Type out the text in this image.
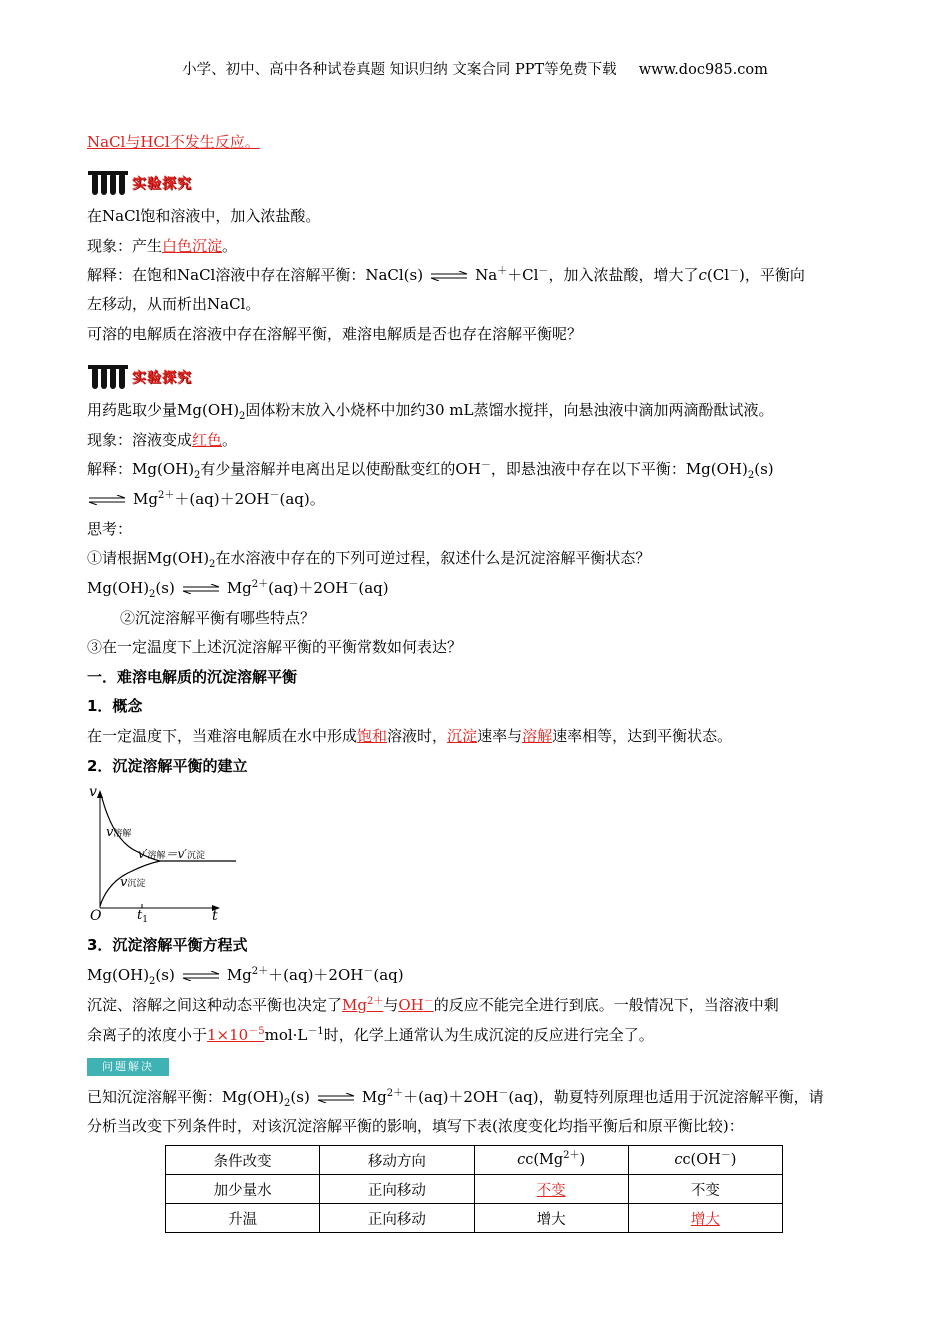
小学、初中、高中各种试卷真题 知识归纳 文案合同 PPT等免费下载 www.doc985.com
NaCl与HCl不发生反应。
实验探究
在NaCl饱和溶液中，加入浓盐酸。
现象：产生白色沉淀。
解释：在饱和NaCl溶液中存在溶解平衡：NaCl(s) ⇌ Na＋＋Cl－，加入浓盐酸，增大了c(Cl－)，平衡向
左移动，从而析出NaCl。
可溶的电解质在溶液中存在溶解平衡，难溶电解质是否也存在溶解平衡呢？
实验探究
用药匙取少量$Mg(OH)_2$固体粉末放入小烧杯中加约30 mL蒸馏水搅拌，向悬浊液中滴加两滴酚酞试液。
现象：溶液变成红色。
解释：$Mg(OH)_2$有少量溶解并电离出足以使酚酞变红的OH－，即悬浊液中存在以下平衡：$Mg(OH)_2(s)$
⇌ $Mg^{2+}+(aq)+2OH^-(aq)$。
思考：
①请根据$Mg(OH)_2$在水溶液中存在的下列可逆过程，叙述什么是沉淀溶解平衡状态？
$Mg(OH)_2(s)$ ⇌ $Mg^{2+}(aq)+2OH^-(aq)$
②沉淀溶解平衡有哪些特点？
③在一定温度下上述沉淀溶解平衡的平衡常数如何表达？
一．难溶电解质的沉淀溶解平衡
1．概念
在一定温度下，当难溶电解质在水中形成饱和溶液时，沉淀速率与溶解速率相等，达到平衡状态。
2．沉淀溶解平衡的建立
v
O	t
$t_1$
v溶解
v沉淀
v′溶解＝v′沉淀
3．沉淀溶解平衡方程式
$Mg(OH)_2(s)$ ⇌ $Mg^{2+}+(aq)+2OH^-(aq)$
沉淀、溶解之间这种动态平衡也决定了$Mg^{2+}$与OH－的反应不能完全进行到底。一般情况下，当溶液中剩
余离子的浓度小于$1\times 10^{-5}mol\cdot L^{-1}$时，化学上通常认为生成沉淀的反应进行完全了。
问题解决
已知沉淀溶解平衡：$Mg(OH)_2(s)$ ⇌ $Mg^{2+}+(aq)+2OH^-(aq)$，勒夏特列原理也适用于沉淀溶解平衡，请
分析当改变下列条件时，对该沉淀溶解平衡的影响，填写下表(浓度变化均指平衡后和原平衡比较)：
条件改变	移动方向	$cc(Mg^{2+})$	cc(OH－)
加少量水	正向移动	不变	不变
升温	正向移动	增大	增大
